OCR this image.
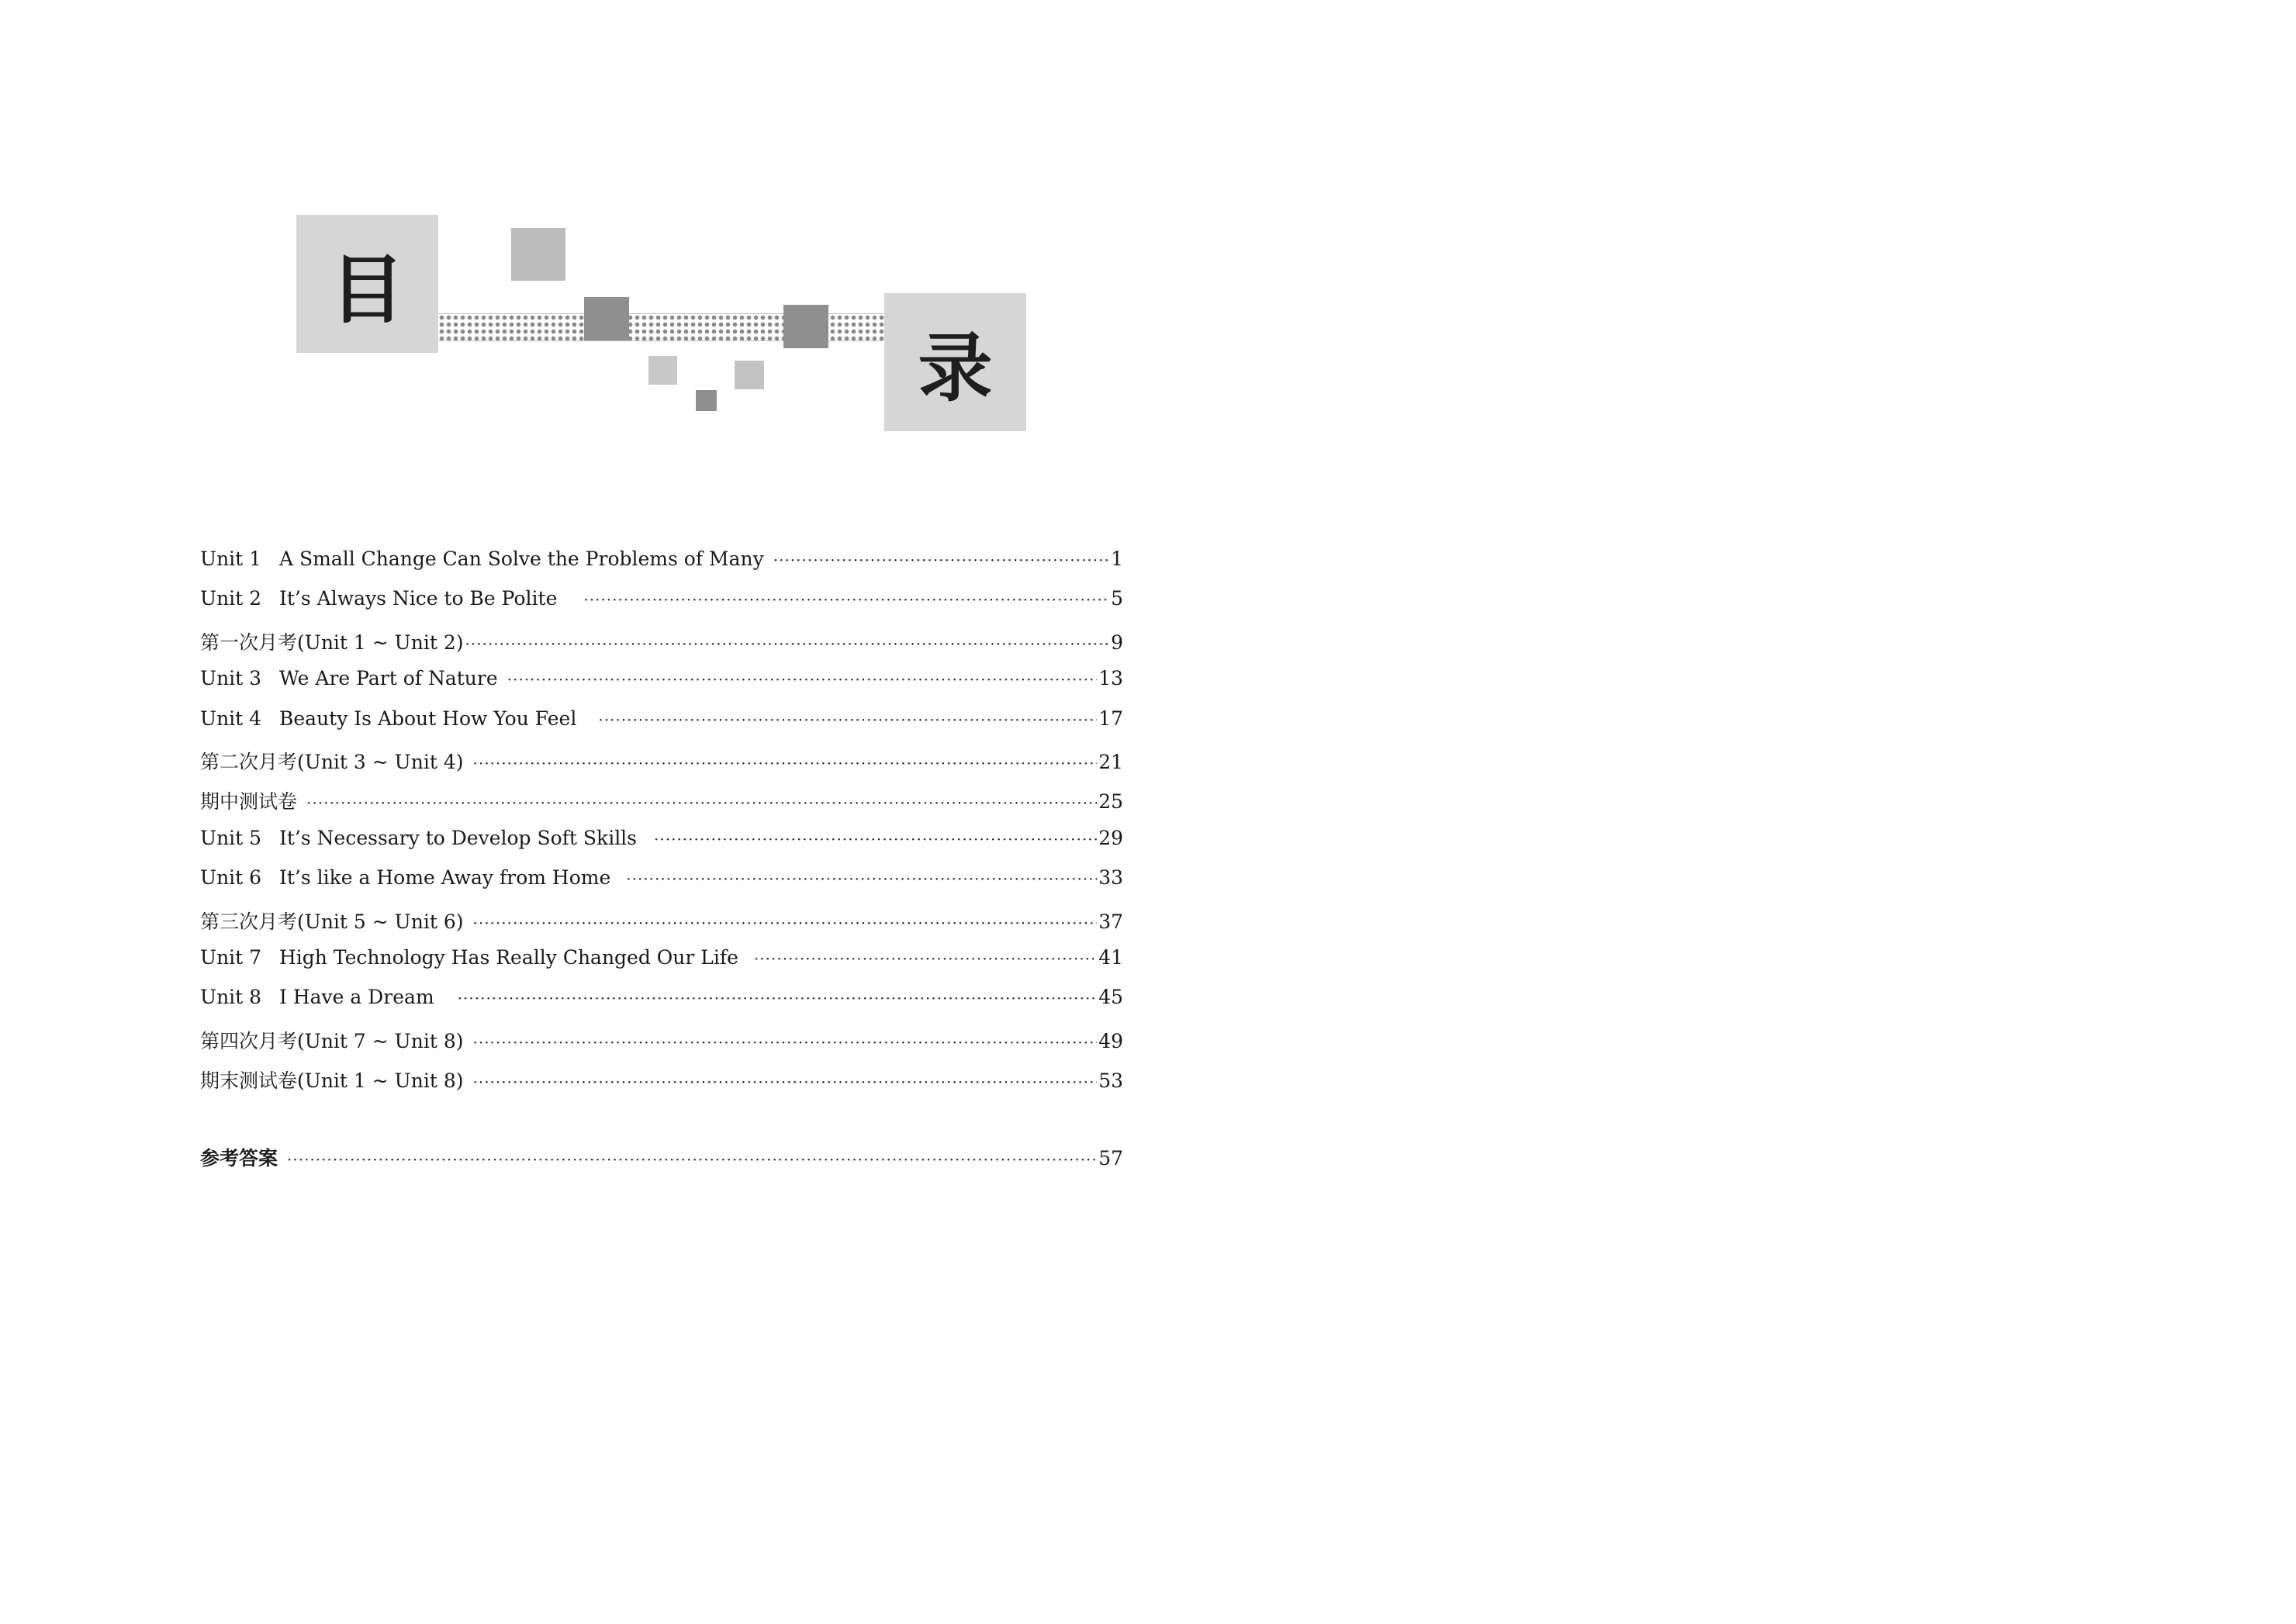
目
录
Unit 1 A Small Change Can Solve the Problems of Many ·····	1
Unit 2 It’s Always Nice to Be Polite ·····	5
第一次月考(Unit 1 ~ Unit 2) ·····	9
Unit 3 We Are Part of Nature ·····	13
Unit 4 Beauty Is About How You Feel ·····	17
第二次月考(Unit 3 ~ Unit 4) ·····	21
期中测试卷 ·····	25
Unit 5 It’s Necessary to Develop Soft Skills ·····	29
Unit 6 It’s like a Home Away from Home ·····	33
第三次月考(Unit 5 ~ Unit 6) ·····	37
Unit 7 High Technology Has Really Changed Our Life ·····	41
Unit 8 I Have a Dream ·····	45
第四次月考(Unit 7 ~ Unit 8) ·····	49
期末测试卷(Unit 1 ~ Unit 8) ·····	53
参考答案 ·····	57
